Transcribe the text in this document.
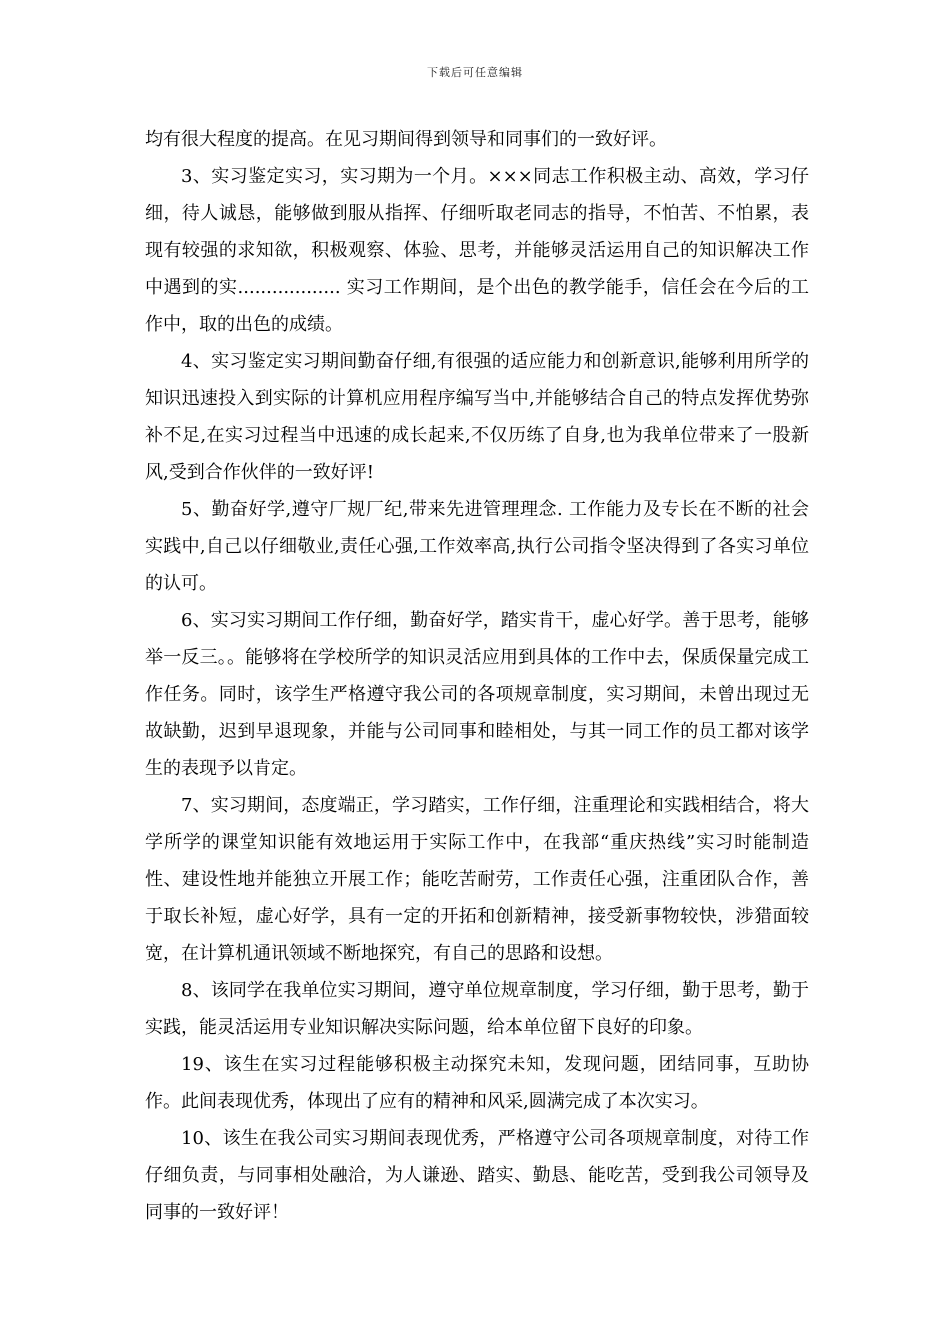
下载后可任意编辑

均有很大程度的提高。在见习期间得到领导和同事们的一致好评。

3、实习鉴定实习，实习期为一个月。×××同志工作积极主动、高效，学习仔细，待人诚恳，能够做到服从指挥、仔细听取老同志的指导，不怕苦、不怕累，表现有较强的求知欲，积极观察、体验、思考，并能够灵活运用自己的知识解决工作中遇到的实.................. 实习工作期间，是个出色的教学能手，信任会在今后的工作中，取的出色的成绩。

4、实习鉴定实习期间勤奋仔细,有很强的适应能力和创新意识,能够利用所学的知识迅速投入到实际的计算机应用程序编写当中,并能够结合自己的特点发挥优势弥补不足,在实习过程当中迅速的成长起来,不仅历练了自身,也为我单位带来了一股新风,受到合作伙伴的一致好评!

5、勤奋好学,遵守厂规厂纪,带来先进管理理念. 工作能力及专长在不断的社会实践中,自己以仔细敬业,责任心强,工作效率高,执行公司指令坚决得到了各实习单位的认可。

6、实习实习期间工作仔细，勤奋好学，踏实肯干，虚心好学。善于思考，能够举一反三。。能够将在学校所学的知识灵活应用到具体的工作中去，保质保量完成工作任务。同时，该学生严格遵守我公司的各项规章制度，实习期间，未曾出现过无故缺勤，迟到早退现象，并能与公司同事和睦相处，与其一同工作的员工都对该学生的表现予以肯定。

7、实习期间，态度端正，学习踏实，工作仔细，注重理论和实践相结合，将大学所学的课堂知识能有效地运用于实际工作中，在我部“重庆热线”实习时能制造性、建设性地并能独立开展工作；能吃苦耐劳，工作责任心强，注重团队合作，善于取长补短，虚心好学，具有一定的开拓和创新精神，接受新事物较快，涉猎面较宽，在计算机通讯领域不断地探究，有自己的思路和设想。

8、该同学在我单位实习期间，遵守单位规章制度，学习仔细，勤于思考，勤于实践，能灵活运用专业知识解决实际问题，给本单位留下良好的印象。

19、该生在实习过程能够积极主动探究未知，发现问题，团结同事，互助协作。此间表现优秀，体现出了应有的精神和风采,圆满完成了本次实习。

10、该生在我公司实习期间表现优秀，严格遵守公司各项规章制度，对待工作仔细负责，与同事相处融洽，为人谦逊、踏实、勤恳、能吃苦，受到我公司领导及同事的一致好评！
